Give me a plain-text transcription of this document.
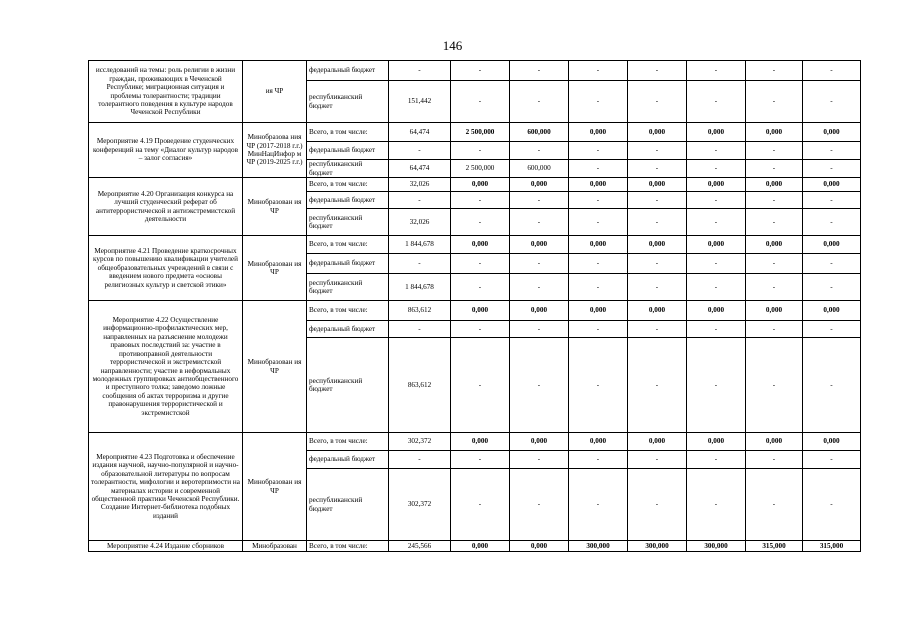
146
исследований на темы: роль религии в жизни граждан, проживающих в Чеченской Республике; миграционная ситуация и проблемы толерантности; традиции толерантного поведения в культуре народов Чеченской Республики	ия ЧР	федеральный бюджет	-	-	-	-	-	-	-	-
		республиканский бюджет	151,442	-	-	-	-	-	-	-
Мероприятие 4.19 Проведение студенческих конференций на тему «Диалог культур народов – залог согласия»	Минобразова ния ЧР (2017-2018 г.г.) МинНацИнфор м ЧР (2019-2025 г.г.)	Всего, в том числе:	64,474	2 500,000	600,000	0,000	0,000	0,000	0,000	0,000
		федеральный бюджет	-	-	-	-	-	-	-	-
		республиканский бюджет	64,474	2 500,000	600,000	-	-	-	-	-
Мероприятие 4.20 Организация конкурса на лучший студенческий реферат об антитеррористической и антиэкстремистской деятельности	Минобразован ия ЧР	Всего, в том числе:	32,026	0,000	0,000	0,000	0,000	0,000	0,000	0,000
		федеральный бюджет	-	-	-	-	-	-	-	-
		республиканский бюджет	32,026	-	-	-	-	-	-	-
Мероприятие 4.21 Проведение краткосрочных курсов по повышению квалификации учителей общеобразовательных учреждений в связи с введением нового предмета «основы религиозных культур и светской этики»	Минобразован ия ЧР	Всего, в том числе:	1 844,678	0,000	0,000	0,000	0,000	0,000	0,000	0,000
		федеральный бюджет	-	-	-	-	-	-	-	-
		республиканский бюджет	1 844,678	-	-	-	-	-	-	-
Мероприятие 4.22 Осуществление информационно-профилактических мер, направленных на разъяснение молодежи правовых последствий за: участие в противоправной деятельности террористической и экстремистской направленности; участие в неформальных молодежных группировках антиобщественного и преступного толка; заведомо ложные сообщения об актах терроризма и другие правонарушения террористической и экстремистской	Минобразован ия ЧР	Всего, в том числе:	863,612	0,000	0,000	0,000	0,000	0,000	0,000	0,000
		федеральный бюджет	-	-	-	-	-	-	-	-
		республиканский бюджет	863,612	-	-	-	-	-	-	-
Мероприятие 4.23 Подготовка и обеспечение издания научной, научно-популярной и научно-образовательной литературы по вопросам толерантности, мифологии и веротерпимости на материалах истории и современной общественной практики Чеченской Республики. Создание Интернет-библиотека подобных изданий	Минобразован ия ЧР	Всего, в том числе:	302,372	0,000	0,000	0,000	0,000	0,000	0,000	0,000
		федеральный бюджет	-	-	-	-	-	-	-	-
		республиканский бюджет	302,372	-	-	-	-	-	-	-
Мероприятие 4.24 Издание сборников	Минобразован	Всего, в том числе:	245,566	0,000	0,000	300,000	300,000	300,000	315,000	315,000
